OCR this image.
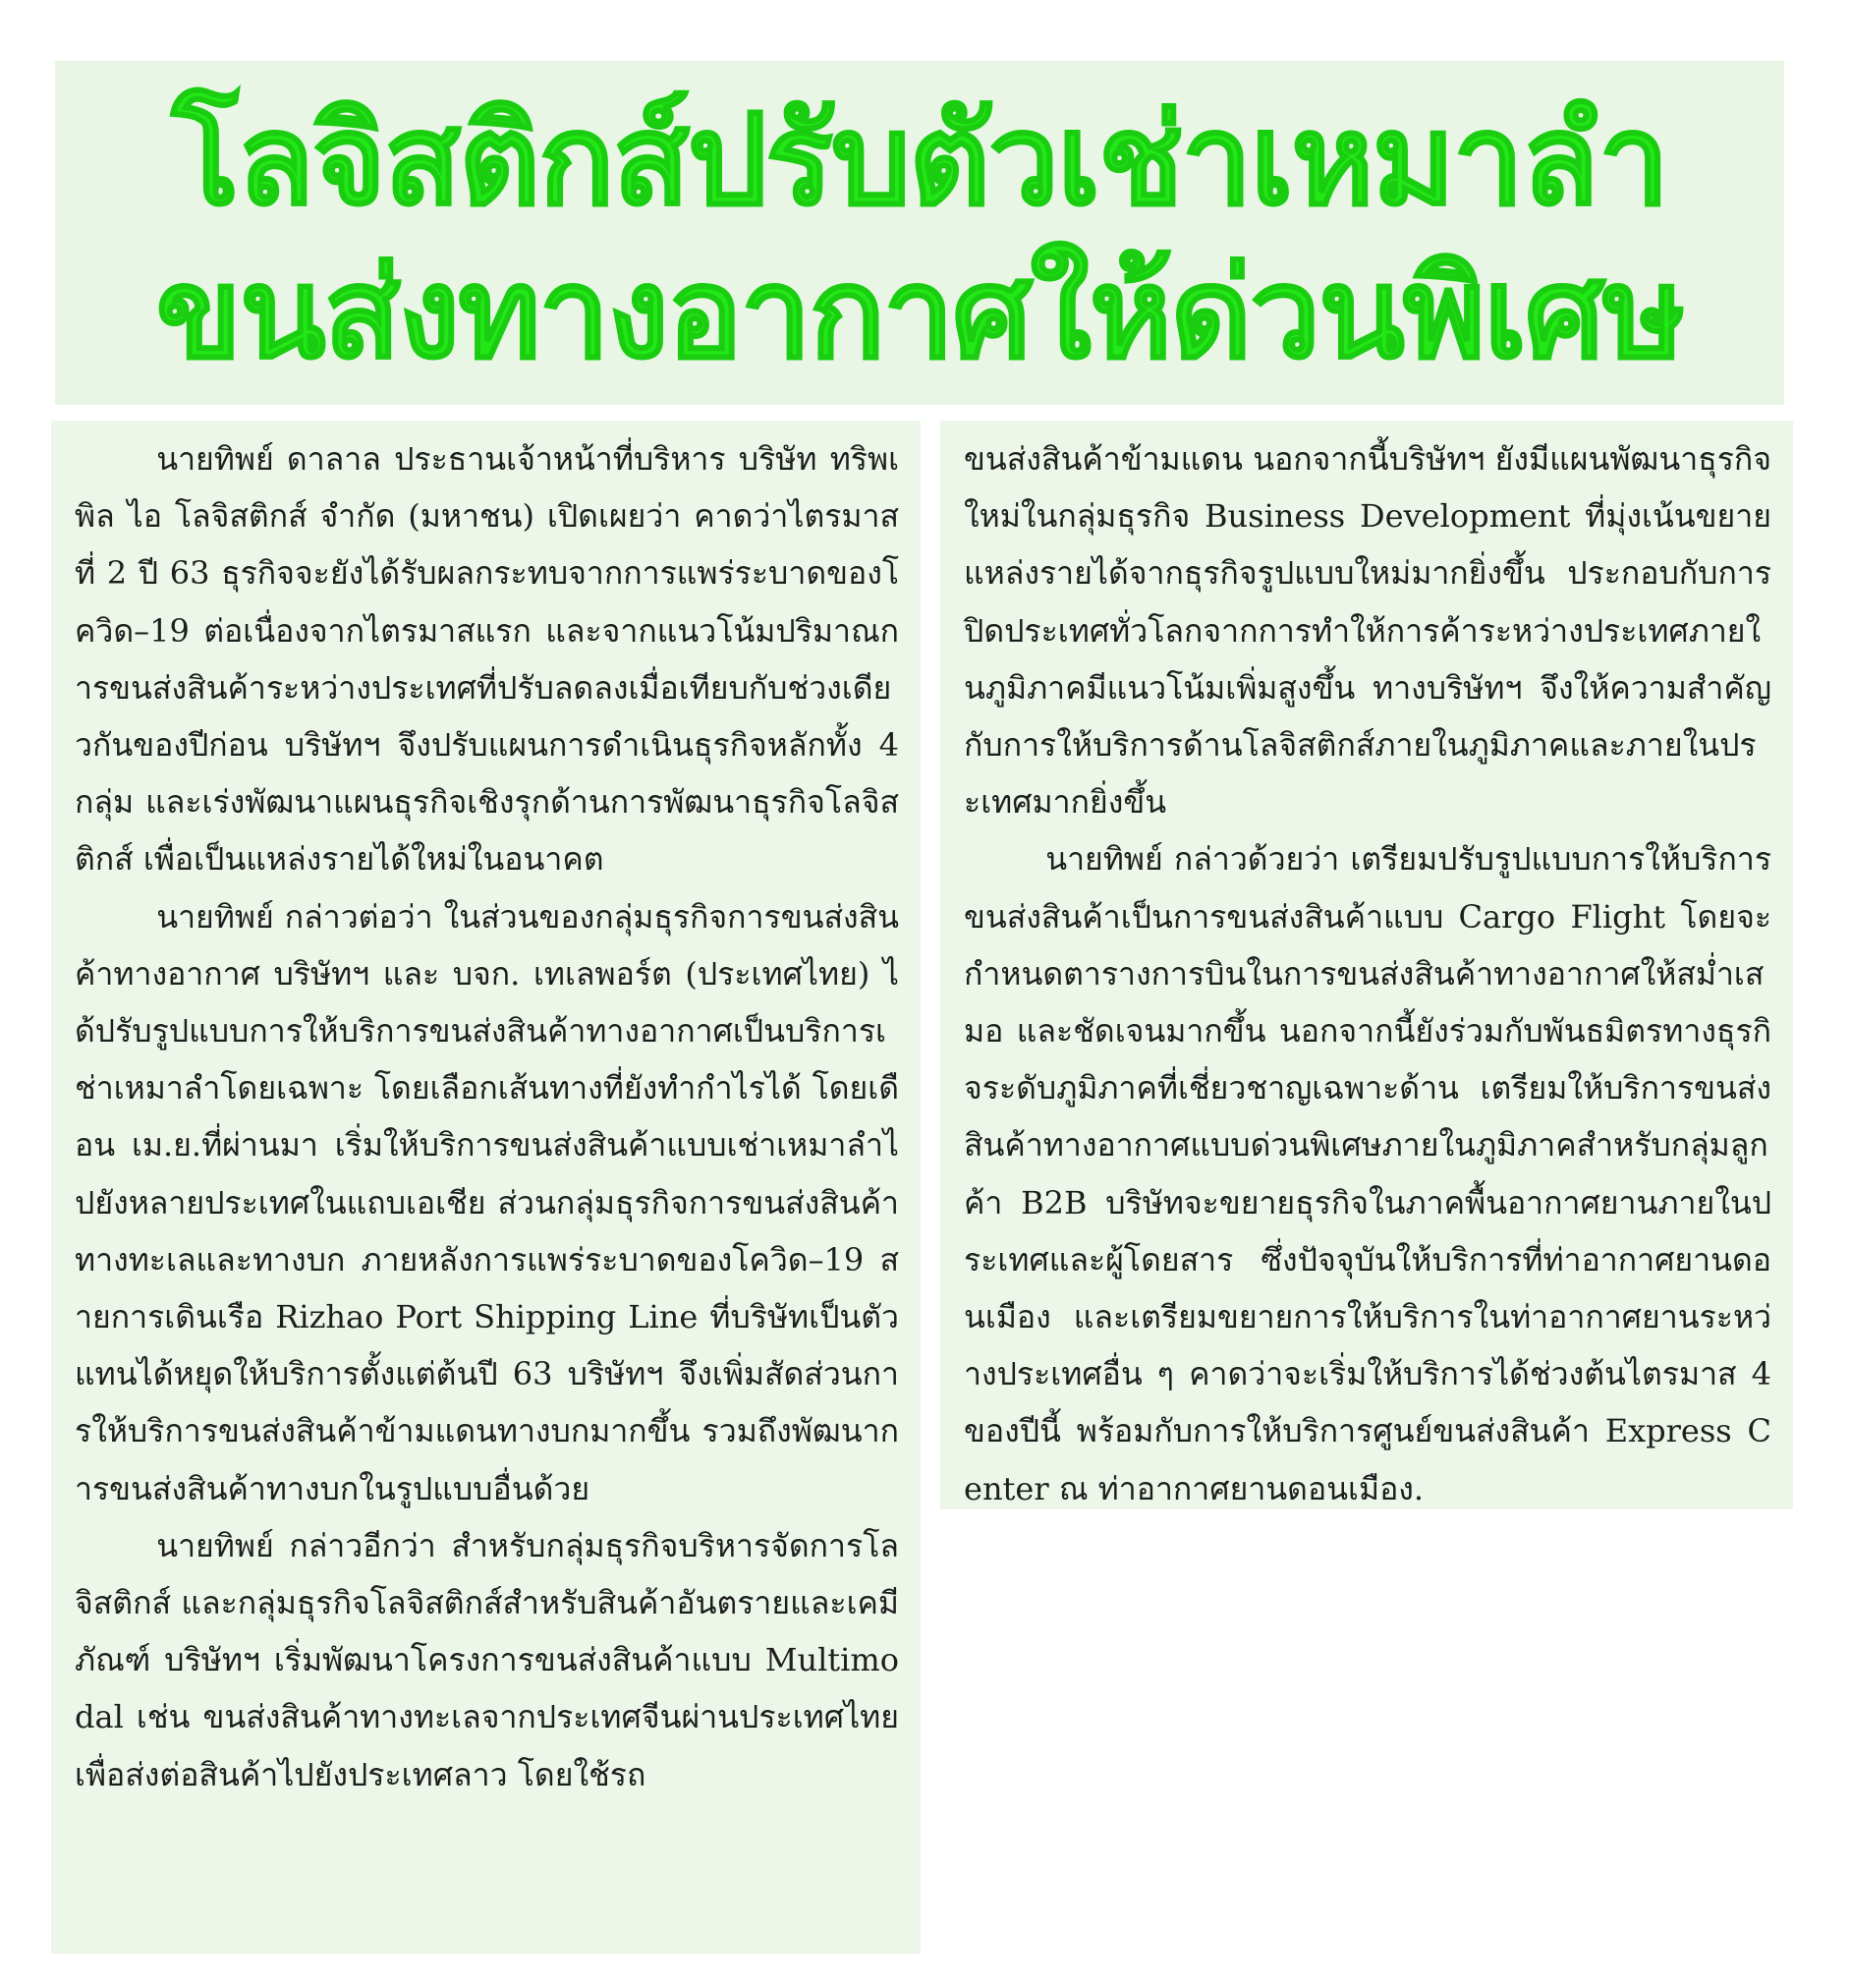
โลจิสติกส์ปรับตัวเช่าเหมาลำ
ขนส่งทางอากาศให้ด่วนพิเศษ

นายทิพย์ ดาลาล ประธานเจ้าหน้าที่บริหาร บริษัท ทริพเพิล ไอ โลจิสติกส์ จำกัด (มหาชน) เปิดเผยว่า คาดว่าไตรมาสที่ 2 ปี 63 ธุรกิจจะยังได้รับผลกระทบจากการแพร่ระบาดของโควิด–19 ต่อเนื่องจากไตรมาสแรก และจากแนวโน้มปริมาณการขนส่งสินค้าระหว่างประเทศที่ปรับลดลงเมื่อเทียบกับช่วงเดียวกันของปีก่อน บริษัทฯ จึงปรับแผนการดำเนินธุรกิจหลักทั้ง 4 กลุ่ม และเร่งพัฒนาแผนธุรกิจเชิงรุกด้านการพัฒนาธุรกิจโลจิสติกส์ เพื่อเป็นแหล่งรายได้ใหม่ในอนาคต

นายทิพย์ กล่าวต่อว่า ในส่วนของกลุ่มธุรกิจการขนส่งสินค้าทางอากาศ บริษัทฯ และ บจก. เทเลพอร์ต (ประเทศไทย) ได้ปรับรูปแบบการให้บริการขนส่งสินค้าทางอากาศเป็นบริการเช่าเหมาลำโดยเฉพาะ โดยเลือกเส้นทางที่ยังทำกำไรได้ โดยเดือน เม.ย.ที่ผ่านมา เริ่มให้บริการขนส่งสินค้าแบบเช่าเหมาลำไปยังหลายประเทศในแถบเอเชีย ส่วนกลุ่มธุรกิจการขนส่งสินค้าทางทะเลและทางบก ภายหลังการแพร่ระบาดของโควิด–19 สายการเดินเรือ Rizhao Port Shipping Line ที่บริษัทเป็นตัวแทนได้หยุดให้บริการตั้งแต่ต้นปี 63 บริษัทฯ จึงเพิ่มสัดส่วนการให้บริการขนส่งสินค้าข้ามแดนทางบกมากขึ้น รวมถึงพัฒนาการขนส่งสินค้าทางบกในรูปแบบอื่นด้วย

นายทิพย์ กล่าวอีกว่า สำหรับกลุ่มธุรกิจบริหารจัดการโลจิสติกส์ และกลุ่มธุรกิจโลจิสติกส์สำหรับสินค้าอันตรายและเคมีภัณฑ์ บริษัทฯ เริ่มพัฒนาโครงการขนส่งสินค้าแบบ Multimodal เช่น ขนส่งสินค้าทางทะเลจากประเทศจีนผ่านประเทศไทยเพื่อส่งต่อสินค้าไปยังประเทศลาว โดยใช้รถ

ขนส่งสินค้าข้ามแดน นอกจากนี้บริษัทฯ ยังมีแผนพัฒนาธุรกิจใหม่ในกลุ่มธุรกิจ Business Development ที่มุ่งเน้นขยายแหล่งรายได้จากธุรกิจรูปแบบใหม่มากยิ่งขึ้น ประกอบกับการปิดประเทศทั่วโลกจากการทำให้การค้าระหว่างประเทศภายในภูมิภาคมีแนวโน้มเพิ่มสูงขึ้น ทางบริษัทฯ จึงให้ความสำคัญกับการให้บริการด้านโลจิสติกส์ภายในภูมิภาคและภายในประเทศมากยิ่งขึ้น

นายทิพย์ กล่าวด้วยว่า เตรียมปรับรูปแบบการให้บริการขนส่งสินค้าเป็นการขนส่งสินค้าแบบ Cargo Flight โดยจะกำหนดตารางการบินในการขนส่งสินค้าทางอากาศให้สม่ำเสมอ และชัดเจนมากขึ้น นอกจากนี้ยังร่วมกับพันธมิตรทางธุรกิจระดับภูมิภาคที่เชี่ยวชาญเฉพาะด้าน เตรียมให้บริการขนส่งสินค้าทางอากาศแบบด่วนพิเศษภายในภูมิภาคสำหรับกลุ่มลูกค้า B2B บริษัทจะขยายธุรกิจในภาคพื้นอากาศยานภายในประเทศและผู้โดยสาร ซึ่งปัจจุบันให้บริการที่ท่าอากาศยานดอนเมือง และเตรียมขยายการให้บริการในท่าอากาศยานระหว่างประเทศอื่น ๆ คาดว่าจะเริ่มให้บริการได้ช่วงต้นไตรมาส 4 ของปีนี้ พร้อมกับการให้บริการศูนย์ขนส่งสินค้า Express Center ณ ท่าอากาศยานดอนเมือง.
